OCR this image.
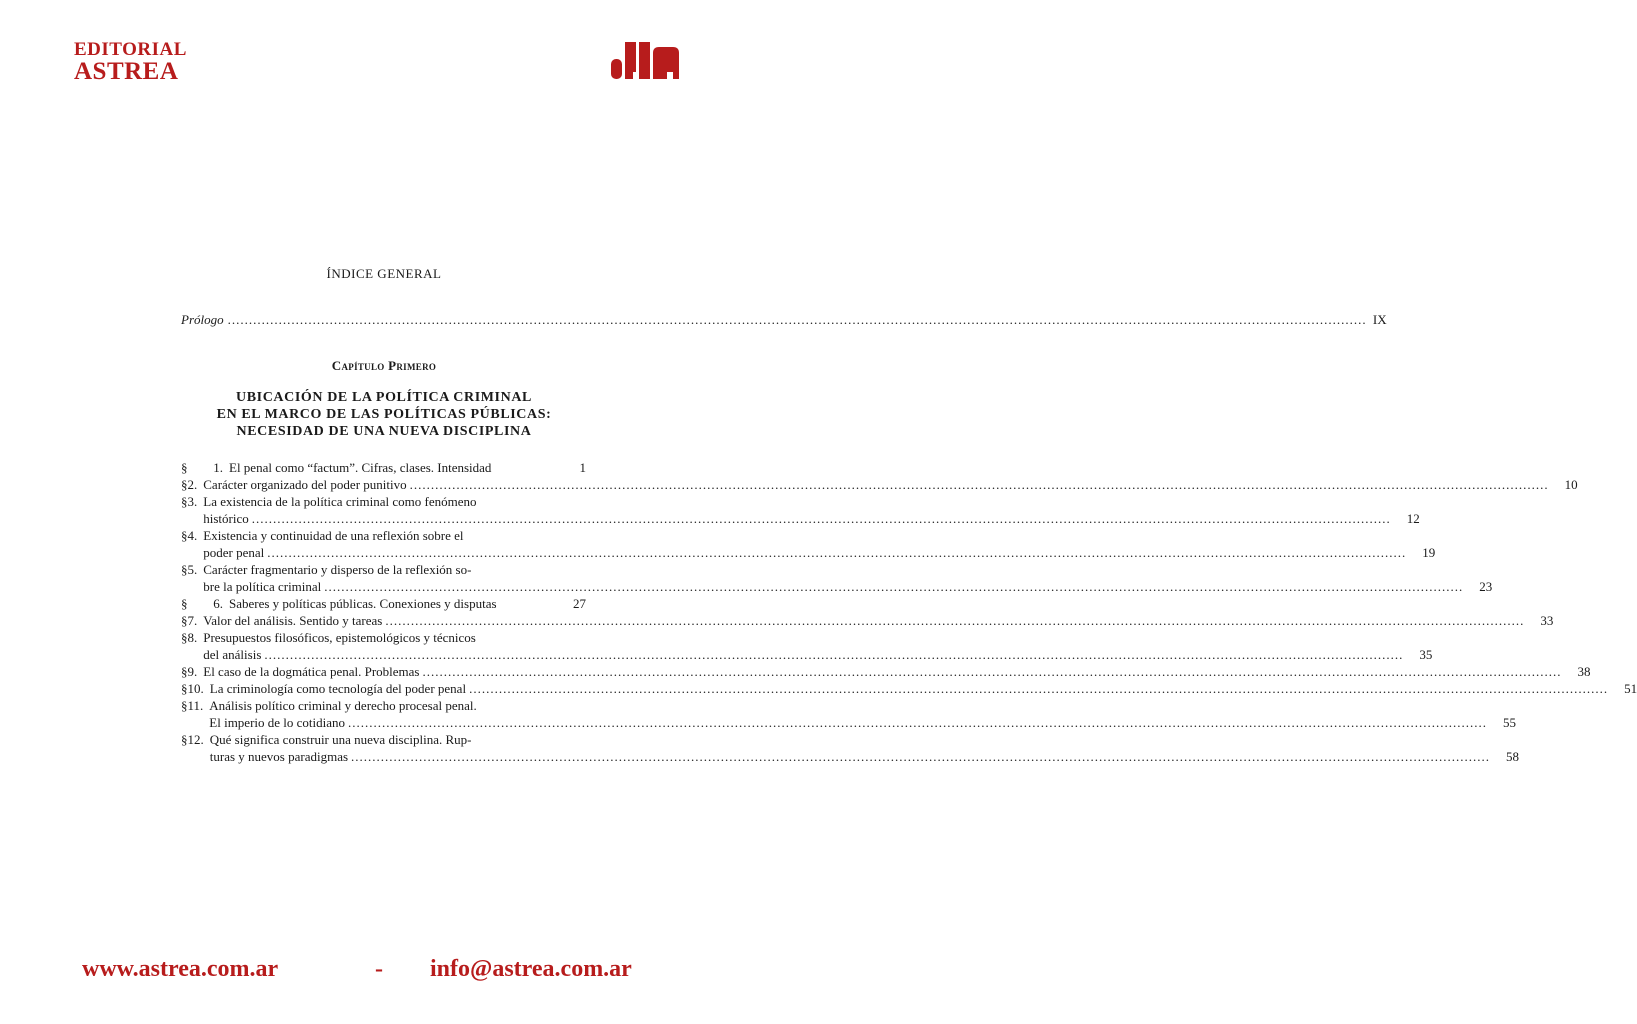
EDITORIAL
ASTREA
ÍNDICE GENERAL
Prólogo .....	IX
Capítulo Primero
UBICACIÓN DE LA POLÍTICA CRIMINAL
EN EL MARCO DE LAS POLÍTICAS PÚBLICAS:
NECESIDAD DE UNA NUEVA DISCIPLINA
§	1. El penal como “factum”. Cifras, clases. Intensidad	1
§ 2. Carácter organizado del poder punitivo .....	10
§ 3. La existencia de la política criminal como fenómeno
histórico .....	12
§ 4. Existencia y continuidad de una reflexión sobre el
poder penal .....	19
§ 5. Carácter fragmentario y disperso de la reflexión so-
bre la política criminal .....	23
§	6. Saberes y políticas públicas. Conexiones y disputas	27
§ 7. Valor del análisis. Sentido y tareas .....	33
§ 8. Presupuestos filosóficos, epistemológicos y técnicos
del análisis .....	35
§ 9. El caso de la dogmática penal. Problemas .....	38
§ 10. La criminología como tecnología del poder penal .....	51
§ 11. Análisis político criminal y derecho procesal penal.
El imperio de lo cotidiano .....	55
§ 12. Qué significa construir una nueva disciplina. Rup-
turas y nuevos paradigmas .....	58
www.astrea.com.ar	- info@astrea.com.ar
